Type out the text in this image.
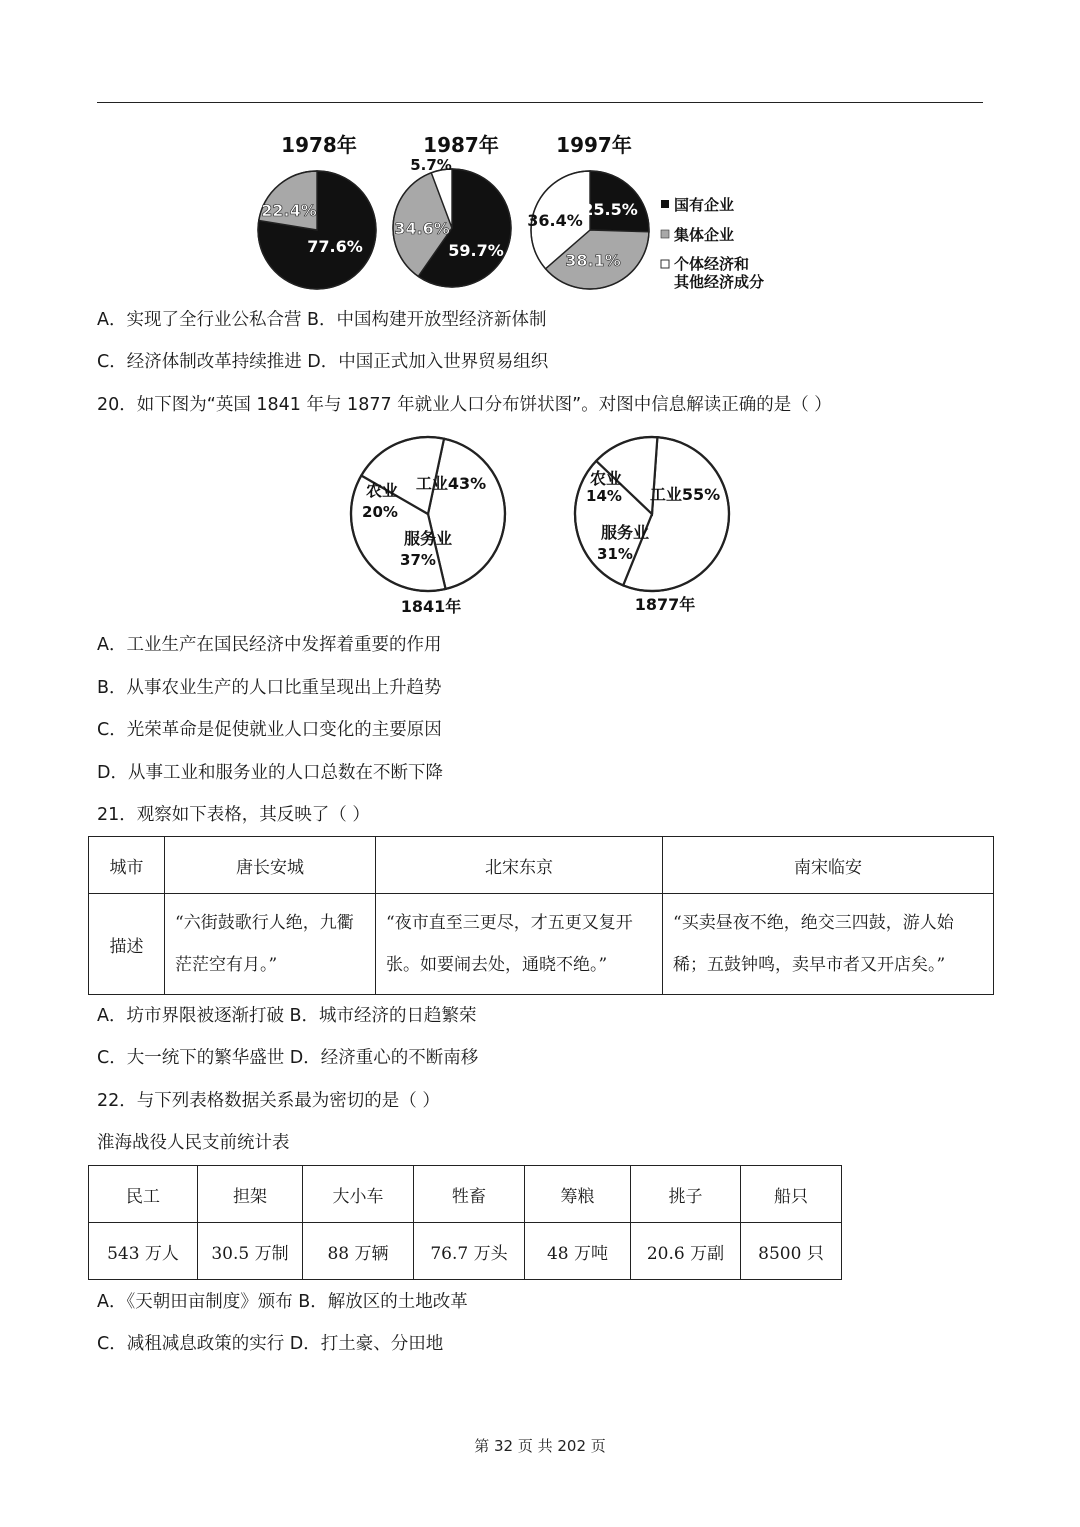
1978年	1987年	1997年
77.6%
22.4%
5.7%
34.6%
59.7%
25.5%
36.4%
38.1%
国有企业
集体企业
个体经济和
其他经济成分
A．实现了全行业公私合营 B．中国构建开放型经济新体制
C．经济体制改革持续推进 D．中国正式加入世界贸易组织
20．如下图为“英国 1841 年与 1877 年就业人口分布饼状图”。对图中信息解读正确的是（ ）
工业43%
服务业
37%
农业
20%
1841年
工业55%
服务业
31%
农业
14%
1877年
A．工业生产在国民经济中发挥着重要的作用
B．从事农业生产的人口比重呈现出上升趋势
C．光荣革命是促使就业人口变化的主要原因
D．从事工业和服务业的人口总数在不断下降
21．观察如下表格，其反映了（ ）
城市	唐长安城	北宋东京	南宋临安
描述	“六街鼓歌行人绝，九衢茫茫空有月。”	“夜市直至三更尽，才五更又复开张。如要闹去处，通晓不绝。”	“买卖昼夜不绝，绝交三四鼓，游人始稀；五鼓钟鸣，卖早市者又开店矣。”
A．坊市界限被逐渐打破 B．城市经济的日趋繁荣
C．大一统下的繁华盛世 D．经济重心的不断南移
22．与下列表格数据关系最为密切的是（ ）
淮海战役人民支前统计表
民工	担架	大小车	牲畜	筹粮	挑子	船只
543 万人	30.5 万制	88 万辆	76.7 万头	48 万吨	20.6 万副	8500 只
A．《天朝田亩制度》颁布 B．解放区的土地改革
C．减租减息政策的实行 D．打土豪、分田地
第 32 页 共 202 页
